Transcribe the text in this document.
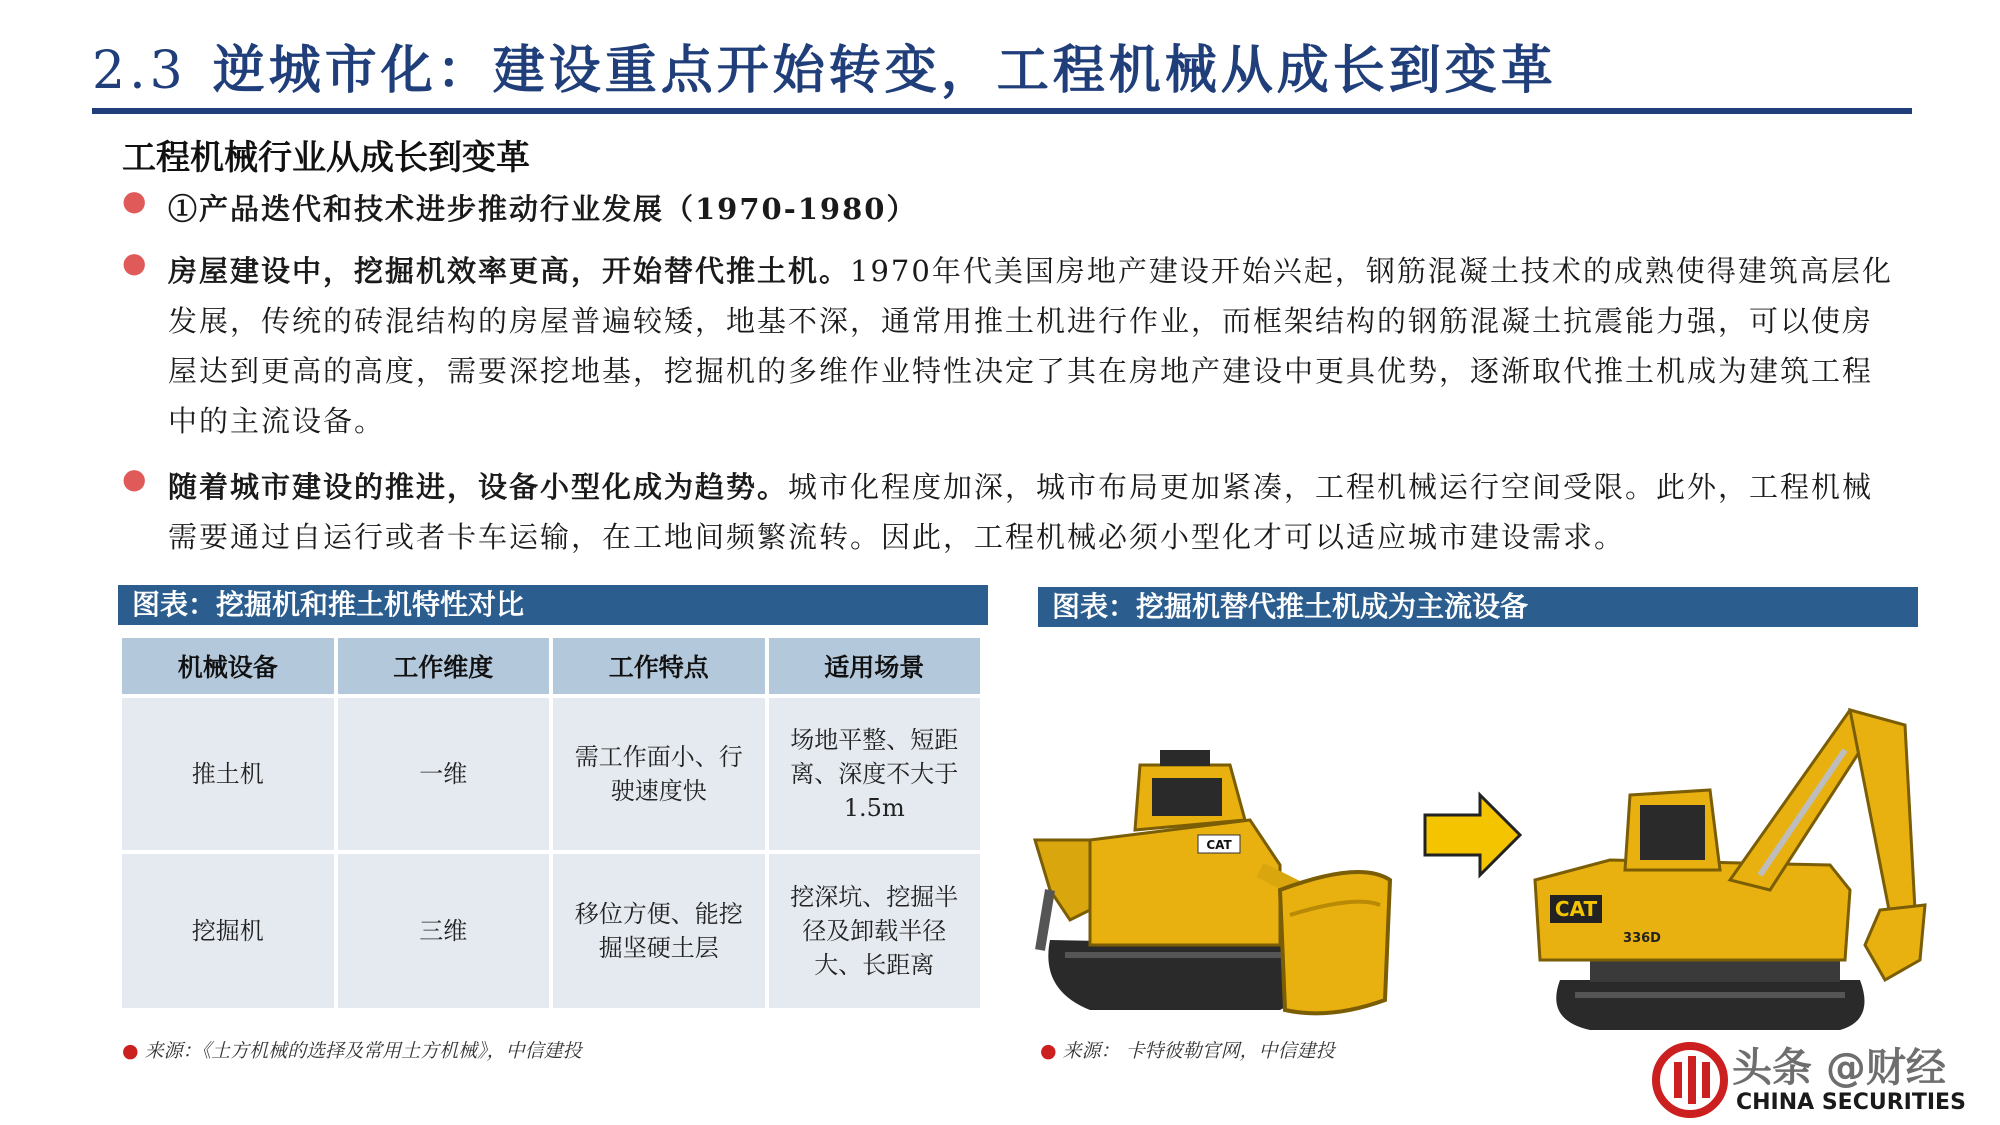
2.3 逆城市化：建设重点开始转变，工程机械从成长到变革
工程机械行业从成长到变革
● ①产品迭代和技术进步推动行业发展（1970-1980）
● 房屋建设中，挖掘机效率更高，开始替代推土机。1970年代美国房地产建设开始兴起，钢筋混凝土技术的成熟使得建筑高层化发展，传统的砖混结构的房屋普遍较矮，地基不深，通常用推土机进行作业，而框架结构的钢筋混凝土抗震能力强，可以使房屋达到更高的高度，需要深挖地基，挖掘机的多维作业特性决定了其在房地产建设中更具优势，逐渐取代推土机成为建筑工程中的主流设备。
● 随着城市建设的推进，设备小型化成为趋势。城市化程度加深，城市布局更加紧凑，工程机械运行空间受限。此外，工程机械需要通过自运行或者卡车运输，在工地间频繁流转。因此，工程机械必须小型化才可以适应城市建设需求。
图表：挖掘机和推土机特性对比
机械设备	工作维度	工作特点	适用场景
推土机	一维	需工作面小、行驶速度快	场地平整、短距离、深度不大于1.5m
挖掘机	三维	移位方便、能挖掘坚硬土层	挖深坑、挖掘半径及卸载半径大、长距离
● 来源：《土方机械的选择及常用土方机械》，中信建投
图表：挖掘机替代推土机成为主流设备
CAT
CAT
336D
● 来源： 卡特彼勒官网，中信建投	头条 @财经
CHINA SECURITIES
